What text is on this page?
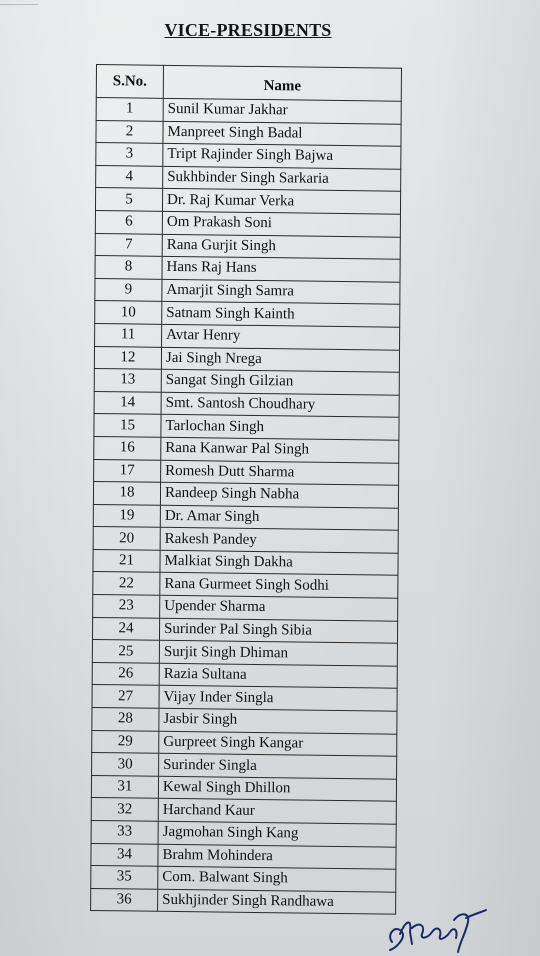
VICE-PRESIDENTS
S.No.	Name
1	Sunil Kumar Jakhar
2	Manpreet Singh Badal
3	Tript Rajinder Singh Bajwa
4	Sukhbinder Singh Sarkaria
5	Dr. Raj Kumar Verka
6	Om Prakash Soni
7	Rana Gurjit Singh
8	Hans Raj Hans
9	Amarjit Singh Samra
10	Satnam Singh Kainth
11	Avtar Henry
12	Jai Singh Nrega
13	Sangat Singh Gilzian
14	Smt. Santosh Choudhary
15	Tarlochan Singh
16	Rana Kanwar Pal Singh
17	Romesh Dutt Sharma
18	Randeep Singh Nabha
19	Dr. Amar Singh
20	Rakesh Pandey
21	Malkiat Singh Dakha
22	Rana Gurmeet Singh Sodhi
23	Upender Sharma
24	Surinder Pal Singh Sibia
25	Surjit Singh Dhiman
26	Razia Sultana
27	Vijay Inder Singla
28	Jasbir Singh
29	Gurpreet Singh Kangar
30	Surinder Singla
31	Kewal Singh Dhillon
32	Harchand Kaur
33	Jagmohan Singh Kang
34	Brahm Mohindera
35	Com. Balwant Singh
36	Sukhjinder Singh Randhawa
